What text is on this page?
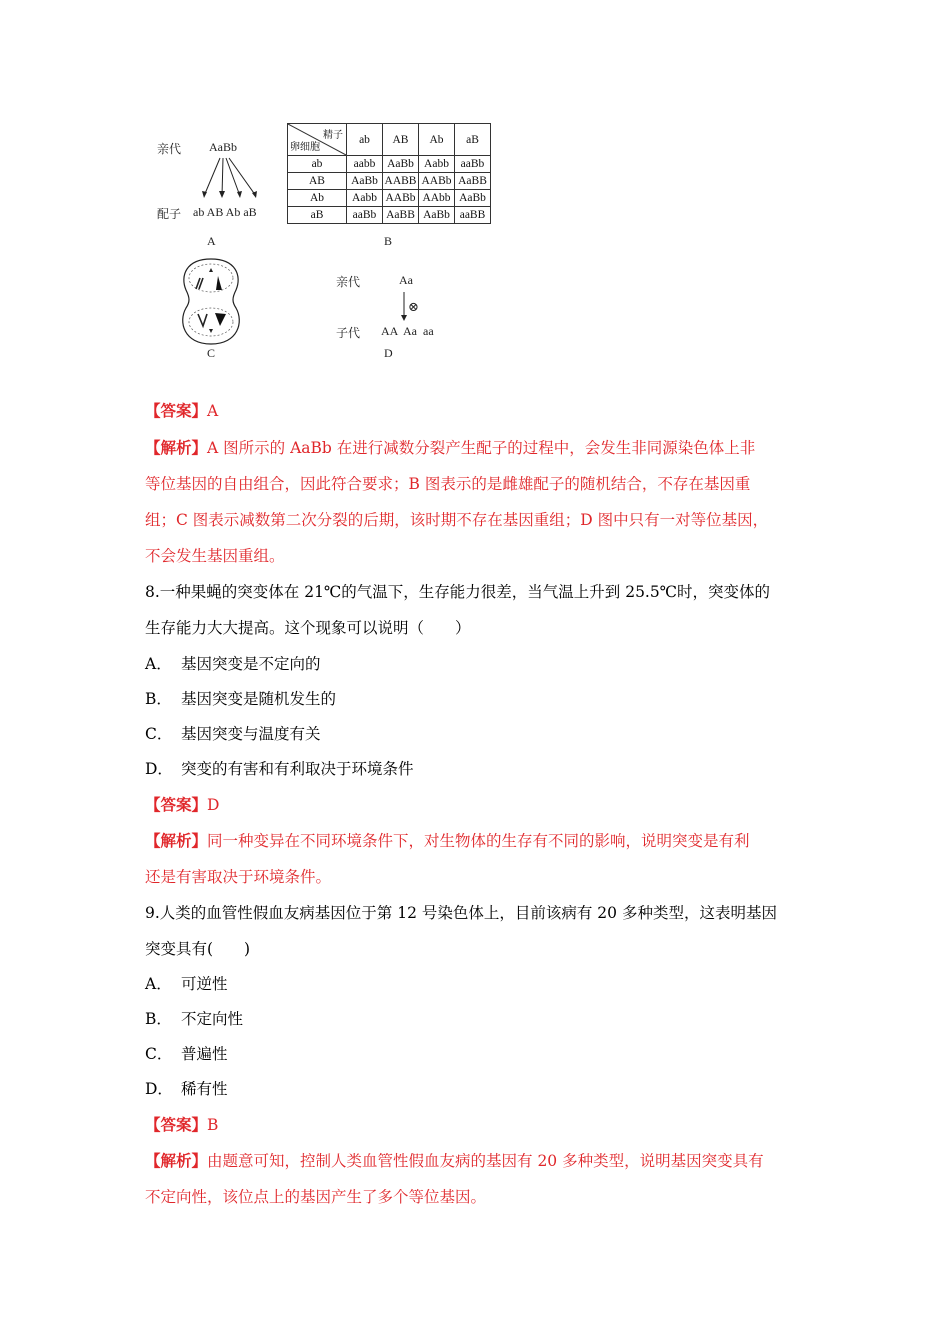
亲代 AaBb
配子 ab AB Ab aB
A
精子
卵细胞	ab	AB	Ab	aB
ab	aabb	AaBb	Aabb	aaBb
AB	AaBb	AABB	AABb	AaBB
Ab	Aabb	AABb	AAbb	AaBb
aB	aaBb	AaBB	AaBb	aaBB
B
C
亲代	Aa
⊗
子代 AA  Aa  aa
D
【答案】A
【解析】A 图所示的 AaBb 在进行减数分裂产生配子的过程中，会发生非同源染色体上非
等位基因的自由组合，因此符合要求；B 图表示的是雌雄配子的随机结合，不存在基因重
组；C 图表示减数第二次分裂的后期，该时期不存在基因重组；D 图中只有一对等位基因，
不会发生基因重组。
8.一种果蝇的突变体在 21℃的气温下，生存能力很差，当气温上升到 25.5℃时，突变体的
生存能力大大提高。这个现象可以说明（　　）
A． 基因突变是不定向的
B． 基因突变是随机发生的
C． 基因突变与温度有关
D． 突变的有害和有利取决于环境条件
【答案】D
【解析】同一种变异在不同环境条件下，对生物体的生存有不同的影响，说明突变是有利
还是有害取决于环境条件。
9.人类的血管性假血友病基因位于第 12 号染色体上，目前该病有 20 多种类型，这表明基因
突变具有(　　)
A． 可逆性
B． 不定向性
C． 普遍性
D． 稀有性
【答案】B
【解析】由题意可知，控制人类血管性假血友病的基因有 20 多种类型，说明基因突变具有
不定向性，该位点上的基因产生了多个等位基因。
